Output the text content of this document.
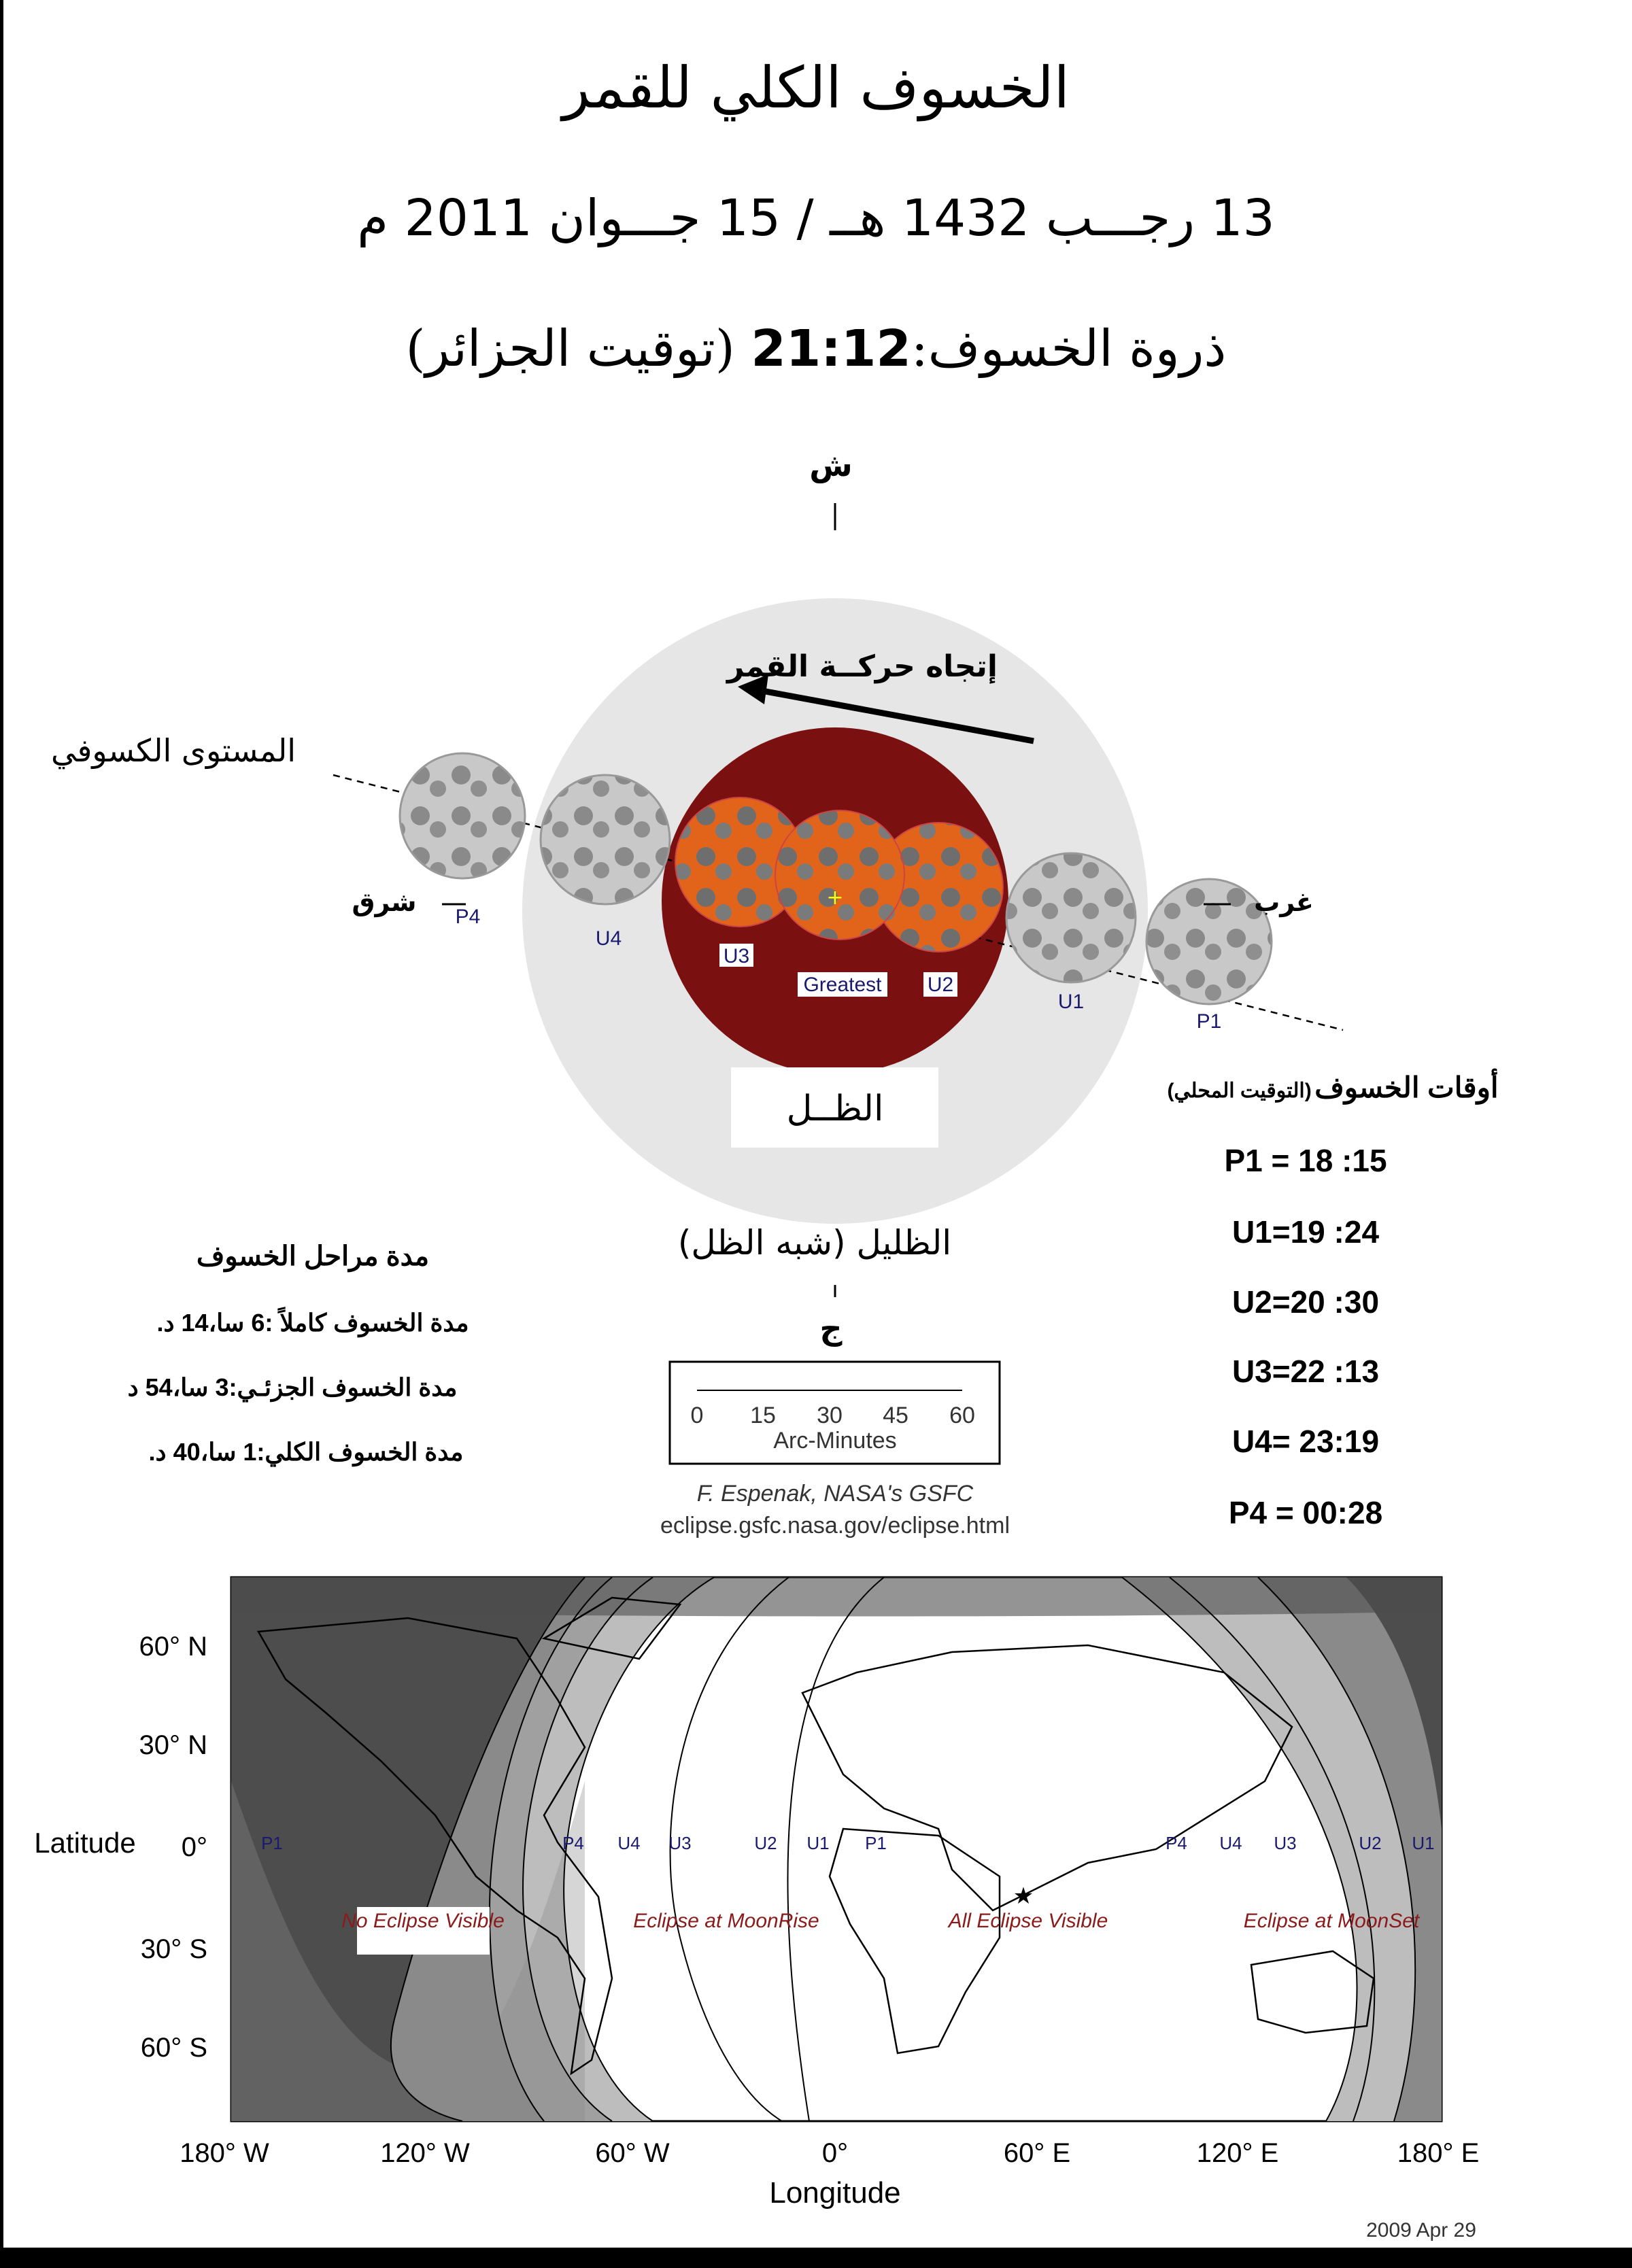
الخسوف الكلي للقمر
13 رجـــب 1432 هــ / 15 جـــوان 2011 م
ذروة الخسوف:21:12 (توقيت الجزائر)
ش
+
إتجاه حركــة القمر
المستوى الكسوفي
شرق	غرب
P4
U4
U3
Greatest U2
U1
P1
الظــل
الظليل (شبه الظل)
ج
0 15 30 45 60
Arc-Minutes
F. Espenak, NASA's GSFC
eclipse.gsfc.nasa.gov/eclipse.html
أوقات الخسوف (التوقيت المحلي)
P1 = 18 :15
U1=19 :24
U2=20 :30
U3=22 :13
U4= 23:19
P4 = 00:28
مدة مراحل الخسوف
مدة الخسوف كاملاً :6 سا،14 د.
مدة الخسوف الجزئـي:3 سا،54 د
مدة الخسوف الكلي:1 سا،40 د.
P1	P4 U4 U3	U2 U1 P1	P4 U4 U3	U2 U1
No Eclipse Visible	Eclipse at MoonRise	All Eclipse Visible	Eclipse at MoonSet
★
60° N
30° N
0°
30° S
60° S
Latitude
180° W	120° W	60° W	0°	60° E	120° E	180° E
Longitude
2009 Apr 29
